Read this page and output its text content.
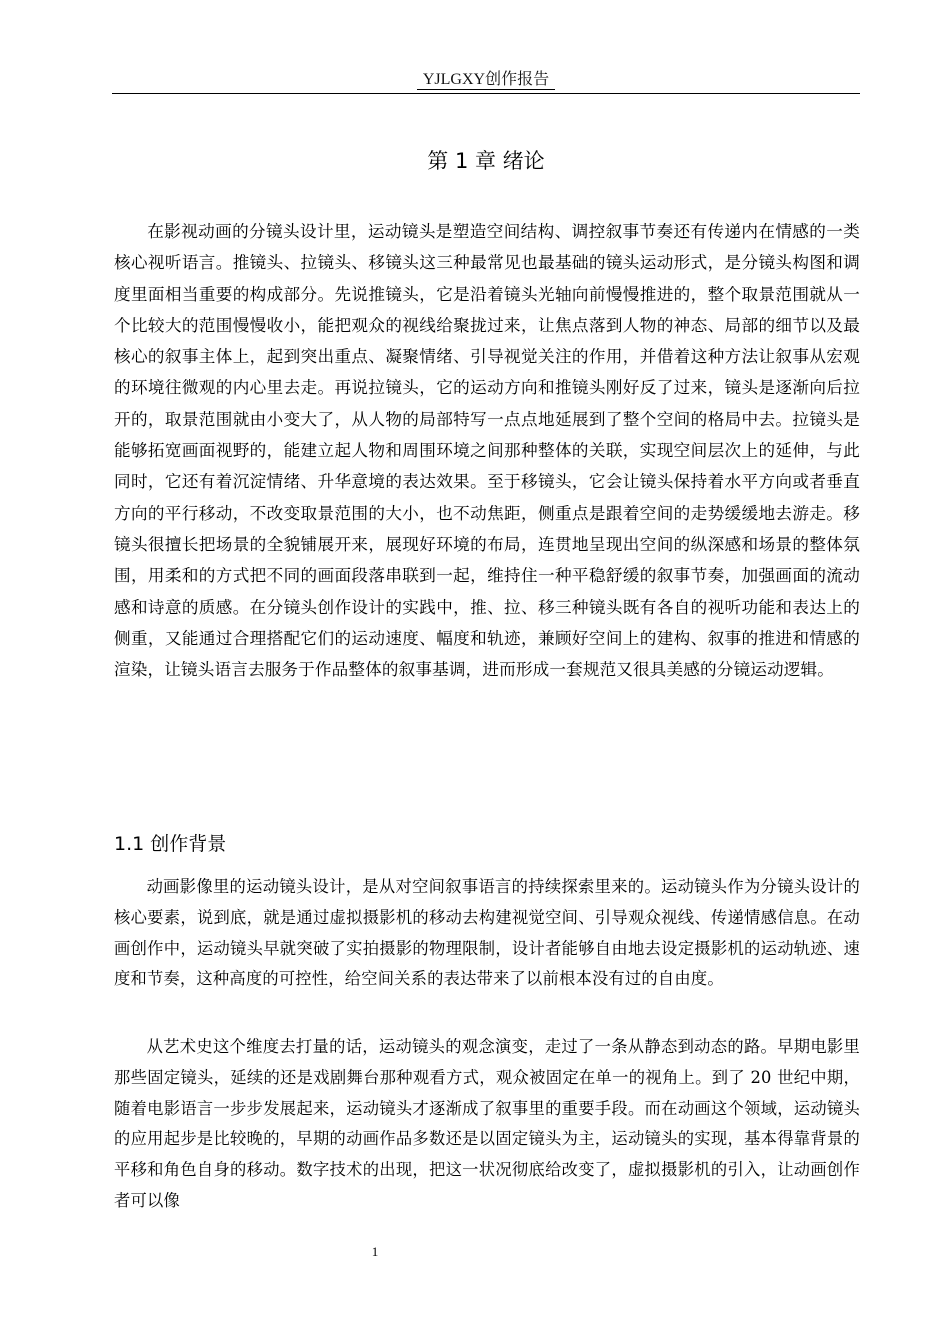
YJLGXY创作报告
第 1 章 绪论

在影视动画的分镜头设计里，运动镜头是塑造空间结构、调控叙事节奏还有传递内在情感的一类核心视听语言。推镜头、拉镜头、移镜头这三种最常见也最基础的镜头运动形式，是分镜头构图和调度里面相当重要的构成部分。先说推镜头，它是沿着镜头光轴向前慢慢推进的，整个取景范围就从一个比较大的范围慢慢收小，能把观众的视线给聚拢过来，让焦点落到人物的神态、局部的细节以及最核心的叙事主体上，起到突出重点、凝聚情绪、引导视觉关注的作用，并借着这种方法让叙事从宏观的环境往微观的内心里去走。再说拉镜头，它的运动方向和推镜头刚好反了过来，镜头是逐渐向后拉开的，取景范围就由小变大了，从人物的局部特写一点点地延展到了整个空间的格局中去。拉镜头是能够拓宽画面视野的，能建立起人物和周围环境之间那种整体的关联，实现空间层次上的延伸，与此同时，它还有着沉淀情绪、升华意境的表达效果。至于移镜头，它会让镜头保持着水平方向或者垂直方向的平行移动，不改变取景范围的大小，也不动焦距，侧重点是跟着空间的走势缓缓地去游走。移镜头很擅长把场景的全貌铺展开来，展现好环境的布局，连贯地呈现出空间的纵深感和场景的整体氛围，用柔和的方式把不同的画面段落串联到一起，维持住一种平稳舒缓的叙事节奏，加强画面的流动感和诗意的质感。在分镜头创作设计的实践中，推、拉、移三种镜头既有各自的视听功能和表达上的侧重，又能通过合理搭配它们的运动速度、幅度和轨迹，兼顾好空间上的建构、叙事的推进和情感的渲染，让镜头语言去服务于作品整体的叙事基调，进而形成一套规范又很具美感的分镜运动逻辑。

1.1 创作背景

动画影像里的运动镜头设计，是从对空间叙事语言的持续探索里来的。运动镜头作为分镜头设计的核心要素，说到底，就是通过虚拟摄影机的移动去构建视觉空间、引导观众视线、传递情感信息。在动画创作中，运动镜头早就突破了实拍摄影的物理限制，设计者能够自由地去设定摄影机的运动轨迹、速度和节奏，这种高度的可控性，给空间关系的表达带来了以前根本没有过的自由度。

从艺术史这个维度去打量的话，运动镜头的观念演变，走过了一条从静态到动态的路。早期电影里那些固定镜头，延续的还是戏剧舞台那种观看方式，观众被固定在单一的视角上。到了 20 世纪中期，随着电影语言一步步发展起来，运动镜头才逐渐成了叙事里的重要手段。而在动画这个领域，运动镜头的应用起步是比较晚的，早期的动画作品多数还是以固定镜头为主，运动镜头的实现，基本得靠背景的平移和角色自身的移动。数字技术的出现，把这一状况彻底给改变了，虚拟摄影机的引入，让动画创作者可以像

1
